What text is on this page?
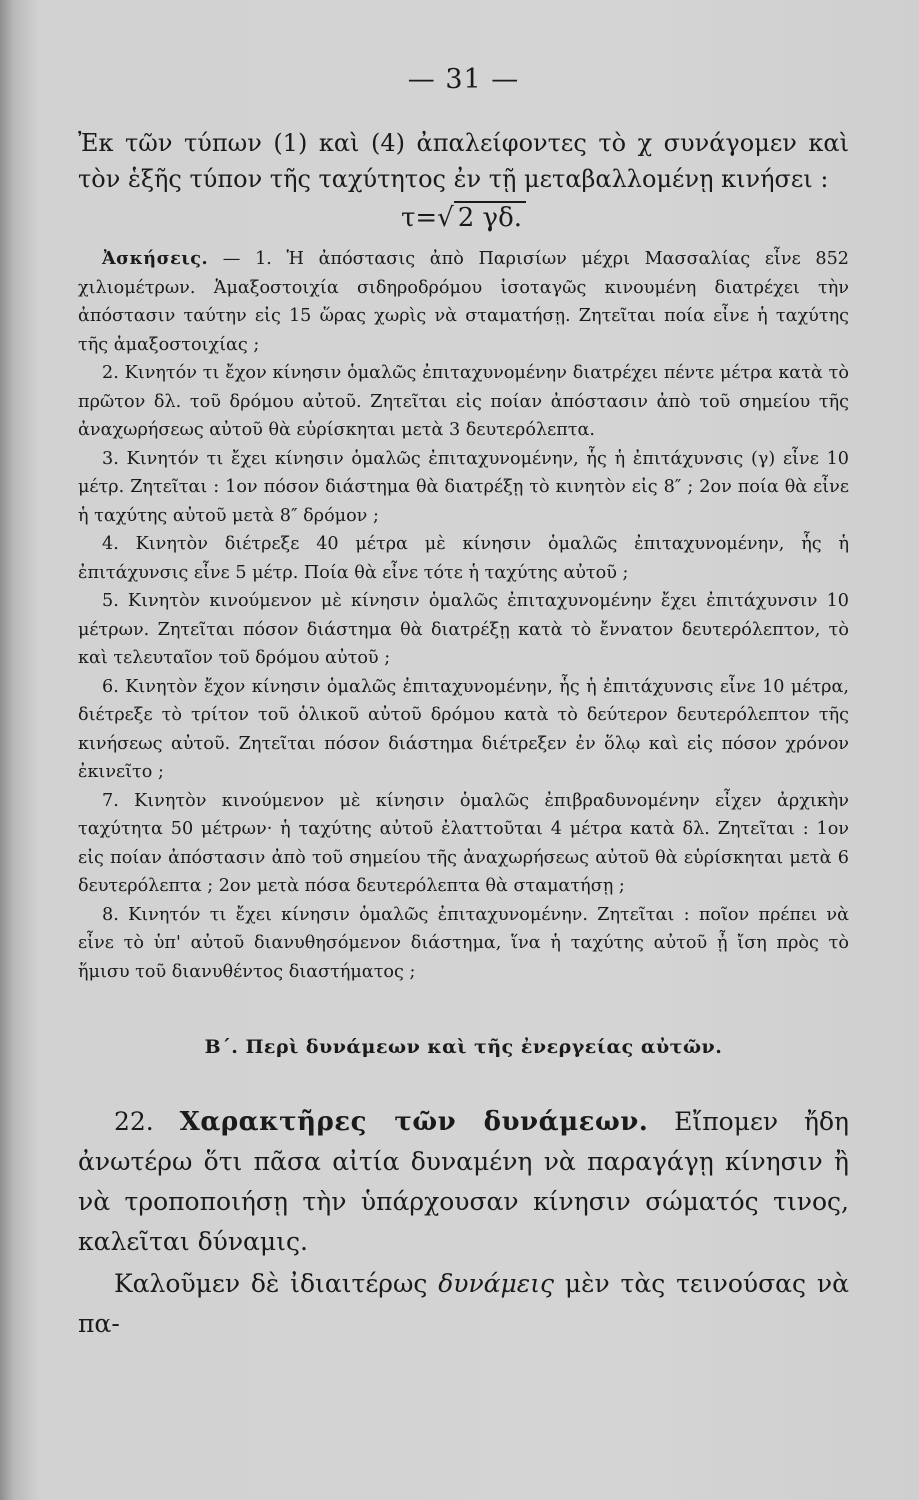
— 31 —

Ἐκ τῶν τύπων (1) καὶ (4) ἀπαλείφοντες τὸ χ συνάγομεν καὶ τὸν ἑξῆς τύπον τῆς ταχύτητος ἐν τῇ μεταβαλλομένῃ κινήσει :

τ=√ 2 γδ.

Ἀσκήσεις. — 1. Ἡ ἀπόστασις ἀπὸ Παρισίων μέχρι Μασσαλίας εἶνε 852 χιλιομέτρων. Ἁμαξοστοιχία σιδηροδρόμου ἰσοταγῶς κινουμένη διατρέχει τὴν ἀπόστασιν ταύτην εἰς 15 ὥρας χωρὶς νὰ σταματήσῃ. Ζητεῖται ποία εἶνε ἡ ταχύτης τῆς ἁμαξοστοιχίας ;

2. Κινητόν τι ἔχον κίνησιν ὁμαλῶς ἐπιταχυνομένην διατρέχει πέντε μέτρα κατὰ τὸ πρῶτον δλ. τοῦ δρόμου αὐτοῦ. Ζητεῖται εἰς ποίαν ἀπόστασιν ἀπὸ τοῦ σημείου τῆς ἀναχωρήσεως αὐτοῦ θὰ εὑρίσκηται μετὰ 3 δευτερόλεπτα.

3. Κινητόν τι ἔχει κίνησιν ὁμαλῶς ἐπιταχυνομένην, ἧς ἡ ἐπιτάχυνσις (γ) εἶνε 10 μέτρ. Ζητεῖται : 1ον πόσον διάστημα θὰ διατρέξῃ τὸ κινητὸν εἰς 8″ ; 2ον ποία θὰ εἶνε ἡ ταχύτης αὐτοῦ μετὰ 8″ δρόμον ;

4. Κινητὸν διέτρεξε 40 μέτρα μὲ κίνησιν ὁμαλῶς ἐπιταχυνομένην, ἧς ἡ ἐπιτάχυνσις εἶνε 5 μέτρ. Ποία θὰ εἶνε τότε ἡ ταχύτης αὐτοῦ ;

5. Κινητὸν κινούμενον μὲ κίνησιν ὁμαλῶς ἐπιταχυνομένην ἔχει ἐπιτάχυνσιν 10 μέτρων. Ζητεῖται πόσον διάστημα θὰ διατρέξῃ κατὰ τὸ ἔννατον δευτερόλεπτον, τὸ καὶ τελευταῖον τοῦ δρόμου αὐτοῦ ;

6. Κινητὸν ἔχον κίνησιν ὁμαλῶς ἐπιταχυνομένην, ἧς ἡ ἐπιτάχυνσις εἶνε 10 μέτρα, διέτρεξε τὸ τρίτον τοῦ ὁλικοῦ αὐτοῦ δρόμου κατὰ τὸ δεύτερον δευτερόλεπτον τῆς κινήσεως αὐτοῦ. Ζητεῖται πόσον διάστημα διέτρεξεν ἐν ὅλῳ καὶ εἰς πόσον χρόνον ἐκινεῖτο ;

7. Κινητὸν κινούμενον μὲ κίνησιν ὁμαλῶς ἐπιβραδυνομένην εἶχεν ἀρχικὴν ταχύτητα 50 μέτρων· ἡ ταχύτης αὐτοῦ ἐλαττοῦται 4 μέτρα κατὰ δλ. Ζητεῖται : 1ον εἰς ποίαν ἀπόστασιν ἀπὸ τοῦ σημείου τῆς ἀναχωρήσεως αὐτοῦ θὰ εὑρίσκηται μετὰ 6 δευτερόλεπτα ; 2ον μετὰ πόσα δευτερόλεπτα θὰ σταματήσῃ ;

8. Κινητόν τι ἔχει κίνησιν ὁμαλῶς ἐπιταχυνομένην. Ζητεῖται : ποῖον πρέπει νὰ εἶνε τὸ ὑπ' αὐτοῦ διανυθησόμενον διάστημα, ἵνα ἡ ταχύτης αὐτοῦ ᾖ ἴση πρὸς τὸ ἥμισυ τοῦ διανυθέντος διαστήματος ;

Β΄. Περὶ δυνάμεων καὶ τῆς ἐνεργείας αὐτῶν.

22. Χαρακτῆρες τῶν δυνάμεων. Εἴπομεν ἤδη ἀνωτέρω ὅτι πᾶσα αἰτία δυναμένη νὰ παραγάγῃ κίνησιν ἢ νὰ τροποποιήσῃ τὴν ὑπάρχουσαν κίνησιν σώματός τινος, καλεῖται δύναμις.

Καλοῦμεν δὲ ἰδιαιτέρως δυνάμεις μὲν τὰς τεινούσας νὰ πα-
